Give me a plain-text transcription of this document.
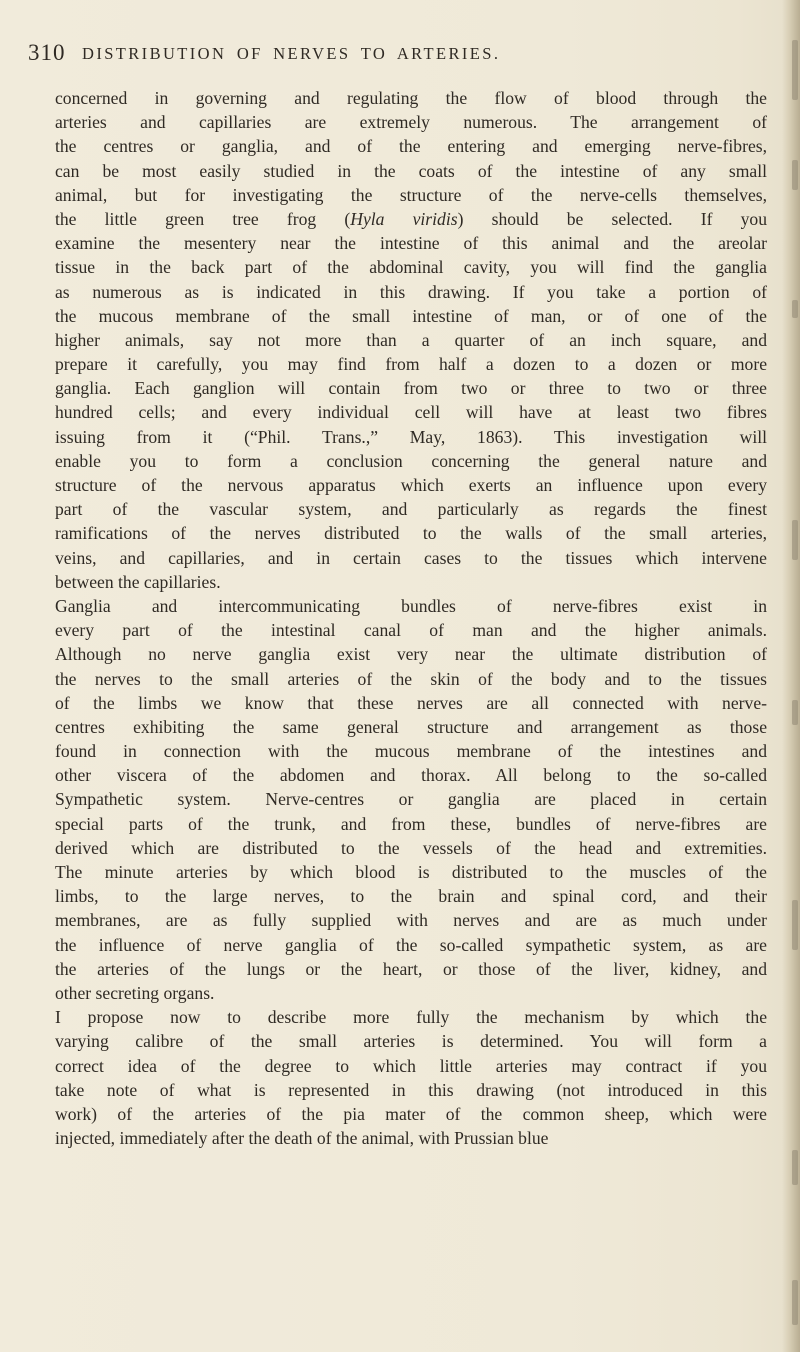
310 DISTRIBUTION OF NERVES TO ARTERIES.
concerned in governing and regulating the flow of blood through the
arteries and capillaries are extremely numerous. The arrangement of
the centres or ganglia, and of the entering and emerging nerve-fibres,
can be most easily studied in the coats of the intestine of any small
animal, but for investigating the structure of the nerve-cells themselves,
the little green tree frog (Hyla viridis) should be selected. If you
examine the mesentery near the intestine of this animal and the areolar
tissue in the back part of the abdominal cavity, you will find the ganglia
as numerous as is indicated in this drawing. If you take a portion of
the mucous membrane of the small intestine of man, or of one of the
higher animals, say not more than a quarter of an inch square, and
prepare it carefully, you may find from half a dozen to a dozen or more
ganglia. Each ganglion will contain from two or three to two or three
hundred cells; and every individual cell will have at least two fibres
issuing from it (“Phil. Trans.,” May, 1863). This investigation will
enable you to form a conclusion concerning the general nature and
structure of the nervous apparatus which exerts an influence upon every
part of the vascular system, and particularly as regards the finest
ramifications of the nerves distributed to the walls of the small arteries,
veins, and capillaries, and in certain cases to the tissues which intervene
between the capillaries.
Ganglia and intercommunicating bundles of nerve-fibres exist in
every part of the intestinal canal of man and the higher animals.
Although no nerve ganglia exist very near the ultimate distribution of
the nerves to the small arteries of the skin of the body and to the tissues
of the limbs we know that these nerves are all connected with nerve-
centres exhibiting the same general structure and arrangement as those
found in connection with the mucous membrane of the intestines and
other viscera of the abdomen and thorax. All belong to the so-called
Sympathetic system. Nerve-centres or ganglia are placed in certain
special parts of the trunk, and from these, bundles of nerve-fibres are
derived which are distributed to the vessels of the head and extremities.
The minute arteries by which blood is distributed to the muscles of the
limbs, to the large nerves, to the brain and spinal cord, and their
membranes, are as fully supplied with nerves and are as much under
the influence of nerve ganglia of the so-called sympathetic system, as are
the arteries of the lungs or the heart, or those of the liver, kidney, and
other secreting organs.
I propose now to describe more fully the mechanism by which the
varying calibre of the small arteries is determined. You will form a
correct idea of the degree to which little arteries may contract if you
take note of what is represented in this drawing (not introduced in this
work) of the arteries of the pia mater of the common sheep, which were
injected, immediately after the death of the animal, with Prussian blue
